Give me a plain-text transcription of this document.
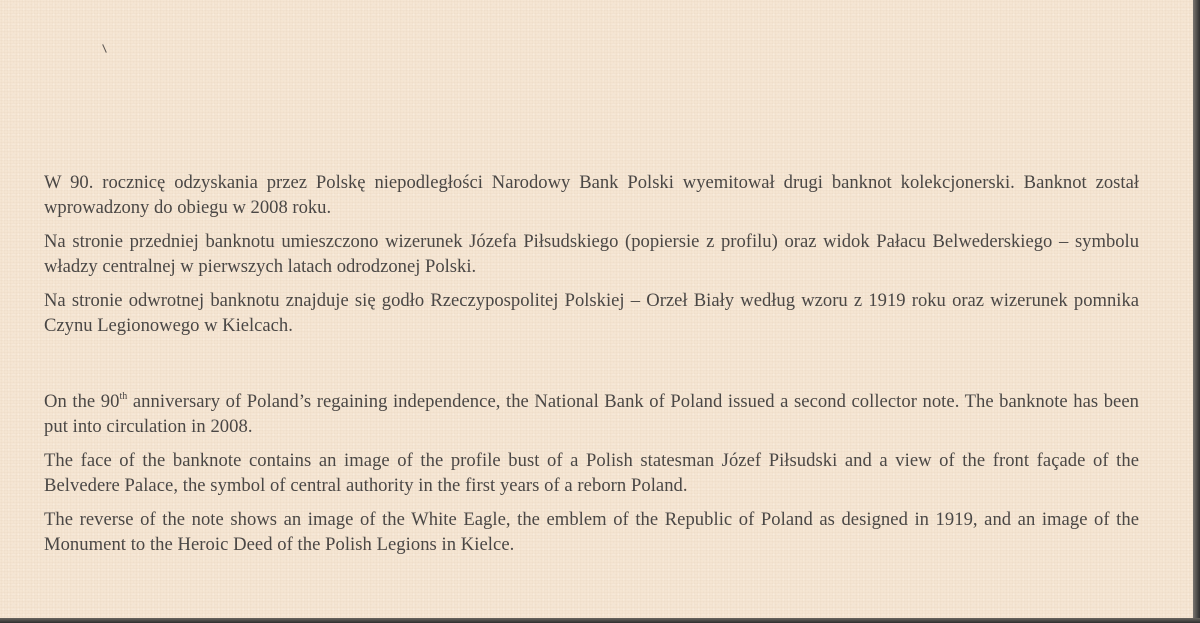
W 90. rocznicę odzyskania przez Polskę niepodległości Narodowy Bank Polski wyemitował drugi banknot kolekcjonerski. Banknot został wprowadzony do obiegu w 2008 roku.

Na stronie przedniej banknotu umieszczono wizerunek Józefa Piłsudskiego (popiersie z profilu) oraz widok Pałacu Belwederskiego – symbolu władzy centralnej w pierwszych latach odrodzonej Polski.

Na stronie odwrotnej banknotu znajduje się godło Rzeczypospolitej Polskiej – Orzeł Biały według wzoru z 1919 roku oraz wizerunek pomnika Czynu Legionowego w Kielcach.

On the 90th anniversary of Poland’s regaining independence, the National Bank of Poland issued a second collector note. The banknote has been put into circulation in 2008.

The face of the banknote contains an image of the profile bust of a Polish statesman Józef Piłsudski and a view of the front façade of the Belvedere Palace, the symbol of central authority in the first years of a reborn Poland.

The reverse of the note shows an image of the White Eagle, the emblem of the Republic of Poland as designed in 1919, and an image of the Monument to the Heroic Deed of the Polish Legions in Kielce.
